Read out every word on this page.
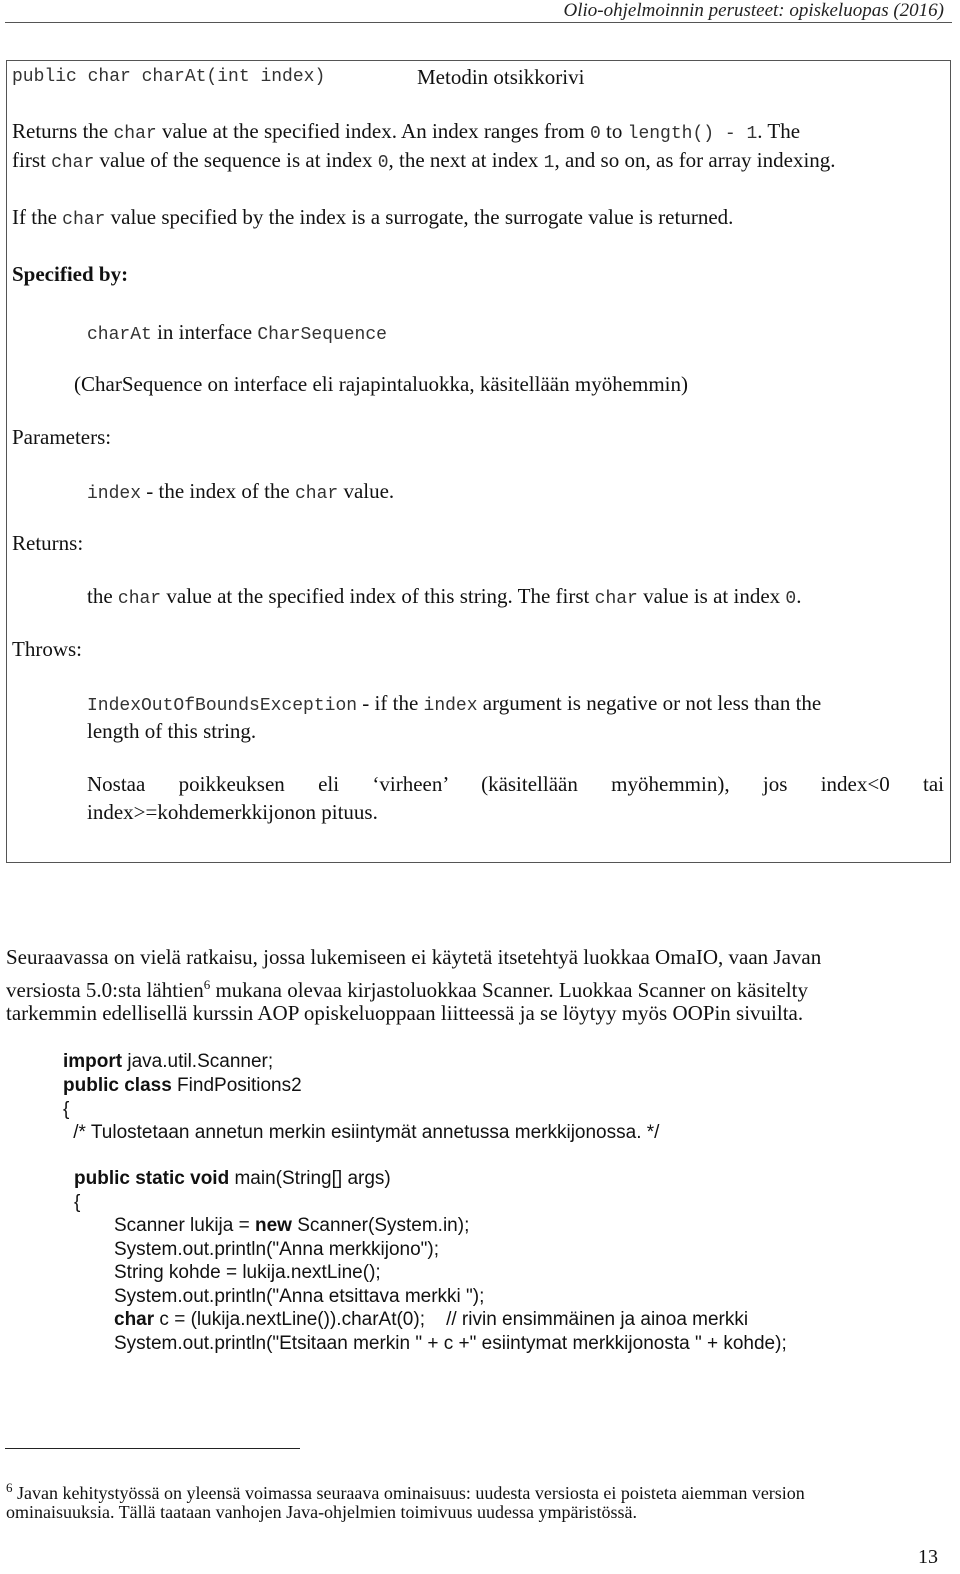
Olio-ohjelmoinnin perusteet: opiskeluopas (2016)
public char charAt(int index)	Metodin otsikkorivi
Returns the char value at the specified index. An index ranges from 0 to length() - 1. The
first char value of the sequence is at index 0, the next at index 1, and so on, as for array indexing.
If the char value specified by the index is a surrogate, the surrogate value is returned.
Specified by:
charAt in interface CharSequence
(CharSequence on interface eli rajapintaluokka, käsitellään myöhemmin)
Parameters:
index - the index of the char value.
Returns:
the char value at the specified index of this string. The first char value is at index 0.
Throws:
IndexOutOfBoundsException - if the index argument is negative or not less than the
length of this string.
Nostaa poikkeuksen eli ‘virheen’ (käsitellään myöhemmin), jos index<0 tai
index>=kohdemerkkijonon pituus.
Seuraavassa on vielä ratkaisu, jossa lukemiseen ei käytetä itsetehtyä luokkaa OmaIO, vaan Javan
versiosta 5.0:sta lähtien$^6$ mukana olevaa kirjastoluokkaa Scanner. Luokkaa Scanner on käsitelty
tarkemmin edellisellä kurssin AOP opiskeluoppaan liitteessä ja se löytyy myös OOPin sivuilta.
import java.util.Scanner;
public class FindPositions2
{
/* Tulostetaan annetun merkin esiintymät annetussa merkkijonossa. */
public static void main(String[] args)
{
Scanner lukija = new Scanner(System.in);
System.out.println("Anna merkkijono");
String kohde = lukija.nextLine();
System.out.println("Anna etsittava merkki ");
char c = (lukija.nextLine()).charAt(0);    // rivin ensimmäinen ja ainoa merkki
System.out.println("Etsitaan merkin " + c +" esiintymat merkkijonosta " + kohde);
$^6$ Javan kehitystyössä on yleensä voimassa seuraava ominaisuus: uudesta versiosta ei poisteta aiemman version
ominaisuuksia. Tällä taataan vanhojen Java-ohjelmien toimivuus uudessa ympäristössä.
13
